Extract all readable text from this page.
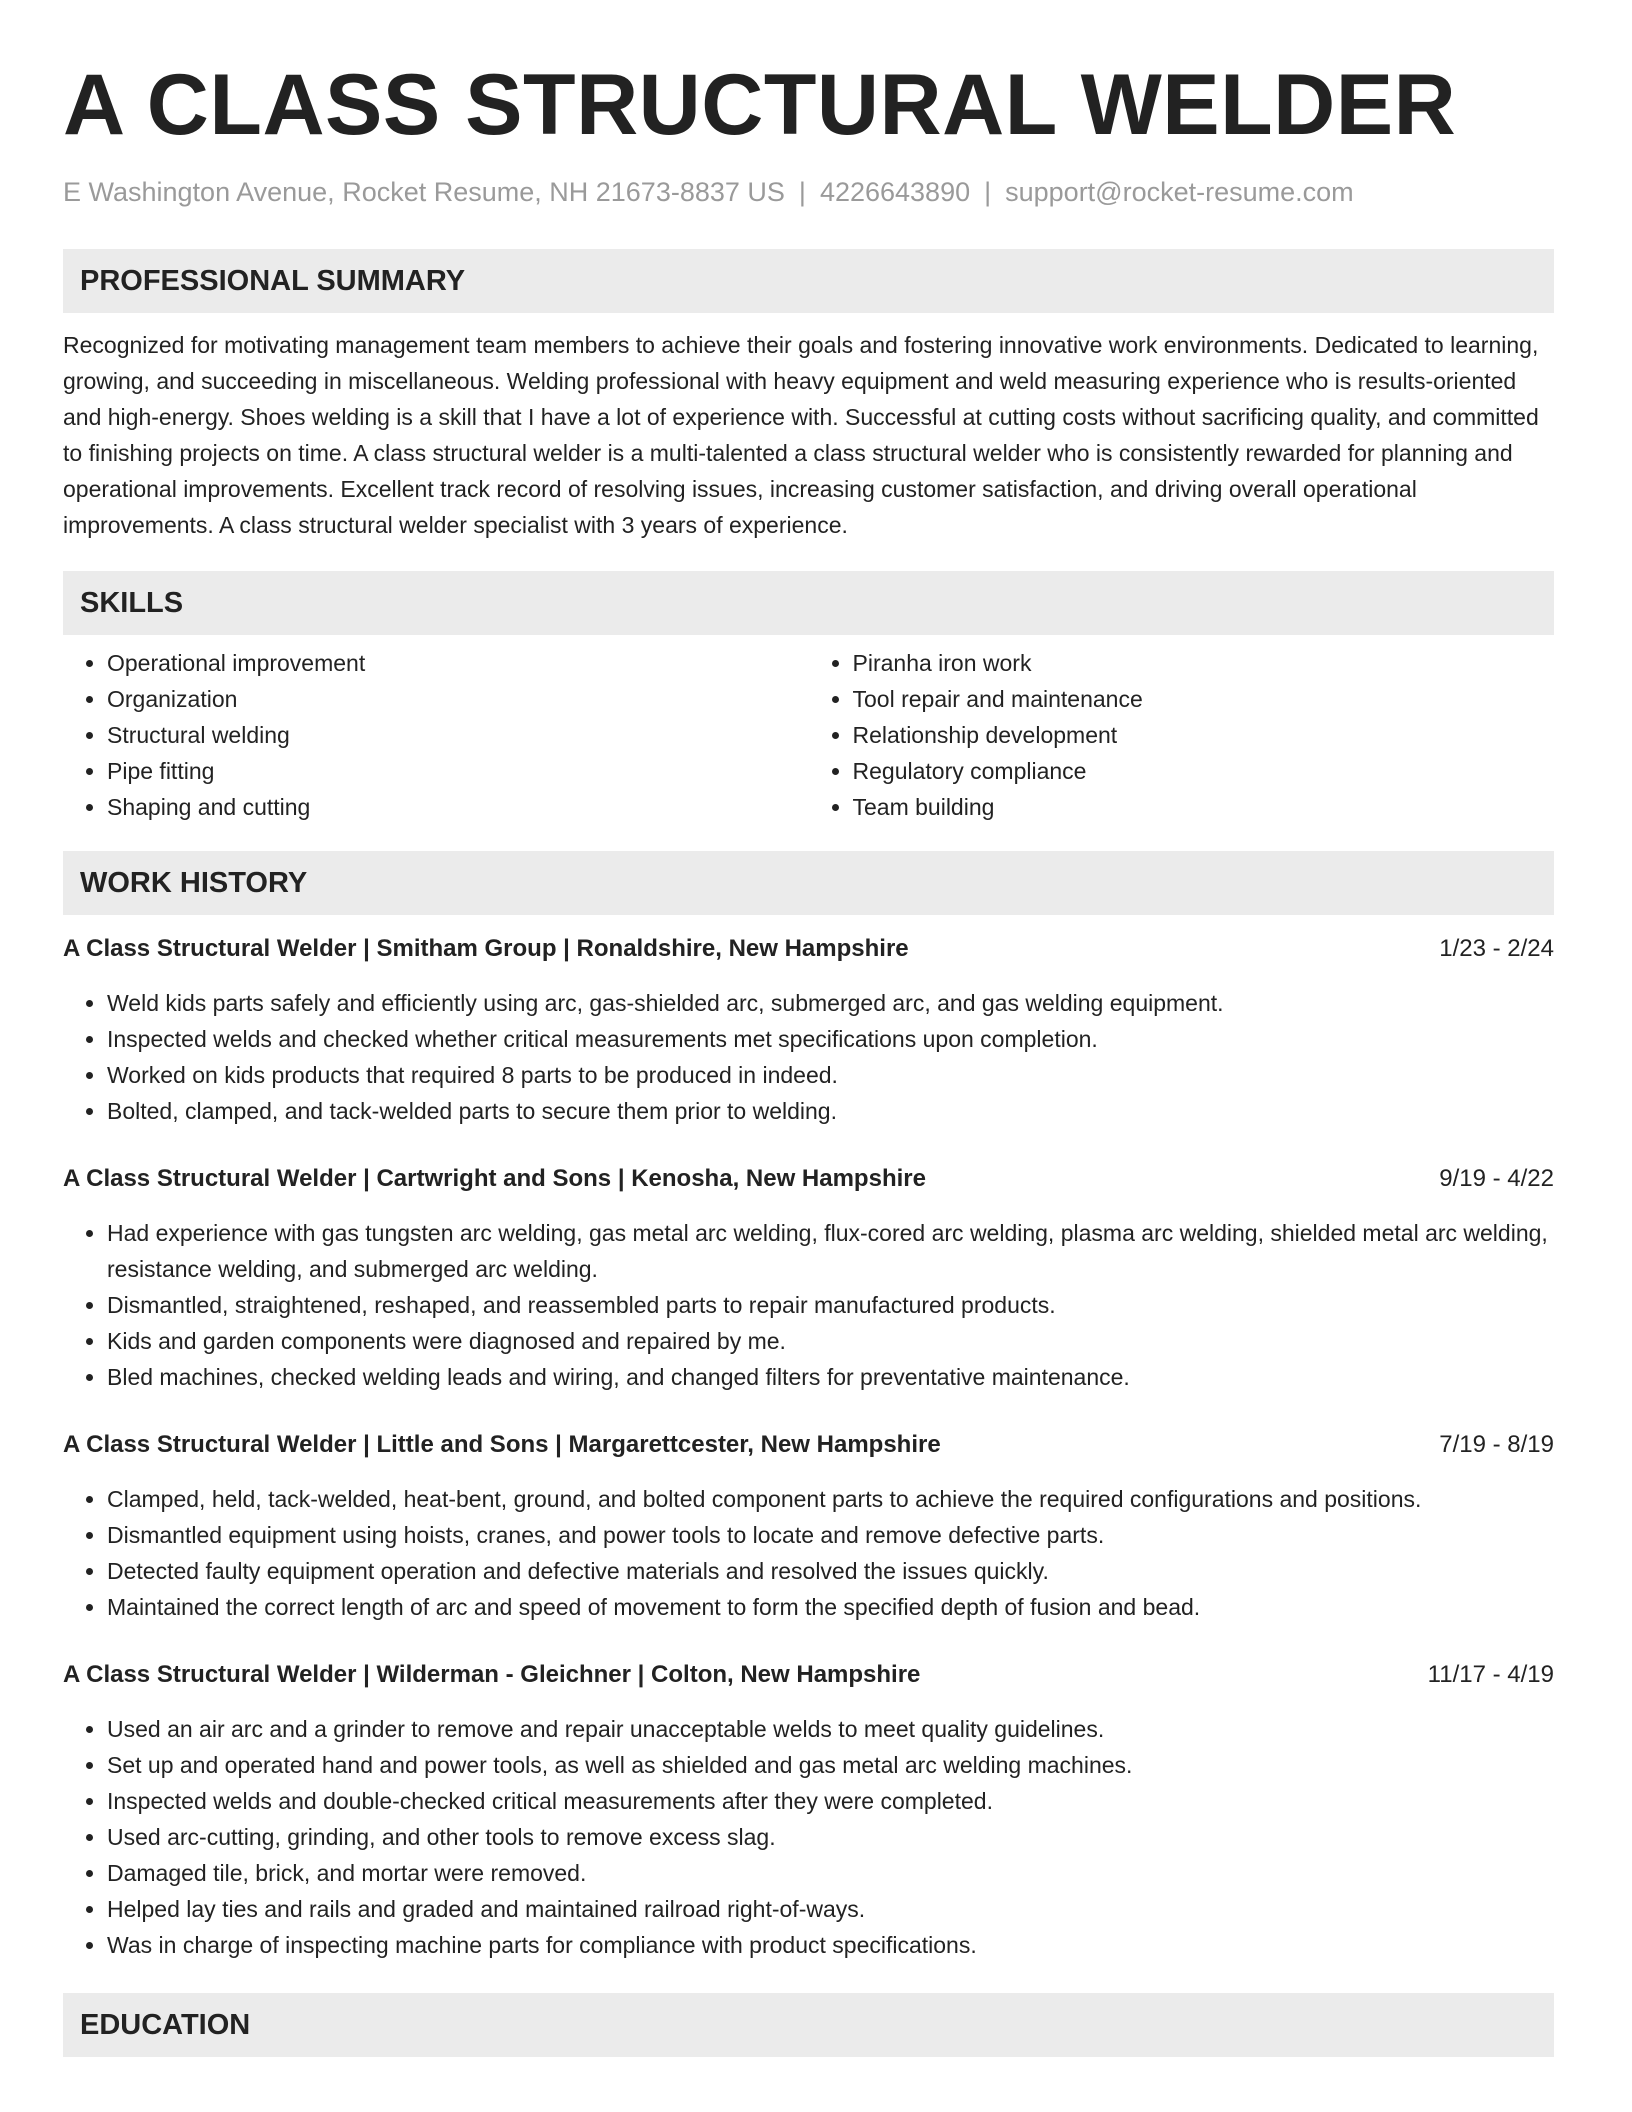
A CLASS STRUCTURAL WELDER
E Washington Avenue, Rocket Resume, NH 21673-8837 US | 4226643890 | support@rocket-resume.com
PROFESSIONAL SUMMARY
Recognized for motivating management team members to achieve their goals and fostering innovative work environments. Dedicated to learning, growing, and succeeding in miscellaneous. Welding professional with heavy equipment and weld measuring experience who is results-oriented and high-energy. Shoes welding is a skill that I have a lot of experience with. Successful at cutting costs without sacrificing quality, and committed to finishing projects on time. A class structural welder is a multi-talented a class structural welder who is consistently rewarded for planning and operational improvements. Excellent track record of resolving issues, increasing customer satisfaction, and driving overall operational improvements. A class structural welder specialist with 3 years of experience.
SKILLS
• Operational improvement
• Organization
• Structural welding
• Pipe fitting
• Shaping and cutting
• Piranha iron work
• Tool repair and maintenance
• Relationship development
• Regulatory compliance
• Team building
WORK HISTORY
A Class Structural Welder | Smitham Group | Ronaldshire, New Hampshire	1/23 - 2/24
• Weld kids parts safely and efficiently using arc, gas-shielded arc, submerged arc, and gas welding equipment.
• Inspected welds and checked whether critical measurements met specifications upon completion.
• Worked on kids products that required 8 parts to be produced in indeed.
• Bolted, clamped, and tack-welded parts to secure them prior to welding.
A Class Structural Welder | Cartwright and Sons | Kenosha, New Hampshire	9/19 - 4/22
• Had experience with gas tungsten arc welding, gas metal arc welding, flux-cored arc welding, plasma arc welding, shielded metal arc welding, resistance welding, and submerged arc welding.
• Dismantled, straightened, reshaped, and reassembled parts to repair manufactured products.
• Kids and garden components were diagnosed and repaired by me.
• Bled machines, checked welding leads and wiring, and changed filters for preventative maintenance.
A Class Structural Welder | Little and Sons | Margarettcester, New Hampshire	7/19 - 8/19
• Clamped, held, tack-welded, heat-bent, ground, and bolted component parts to achieve the required configurations and positions.
• Dismantled equipment using hoists, cranes, and power tools to locate and remove defective parts.
• Detected faulty equipment operation and defective materials and resolved the issues quickly.
• Maintained the correct length of arc and speed of movement to form the specified depth of fusion and bead.
A Class Structural Welder | Wilderman - Gleichner | Colton, New Hampshire	11/17 - 4/19
• Used an air arc and a grinder to remove and repair unacceptable welds to meet quality guidelines.
• Set up and operated hand and power tools, as well as shielded and gas metal arc welding machines.
• Inspected welds and double-checked critical measurements after they were completed.
• Used arc-cutting, grinding, and other tools to remove excess slag.
• Damaged tile, brick, and mortar were removed.
• Helped lay ties and rails and graded and maintained railroad right-of-ways.
• Was in charge of inspecting machine parts for compliance with product specifications.
EDUCATION
